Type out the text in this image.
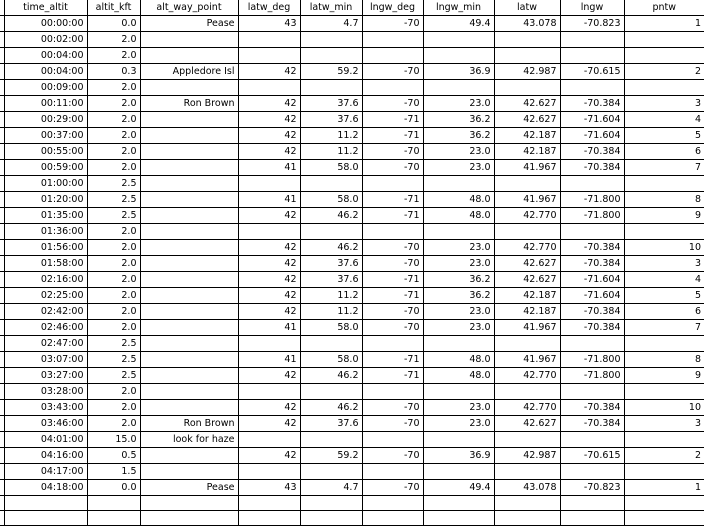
	time_altit	altit_kft	alt_way_point	latw_deg	latw_min	lngw_deg	lngw_min	latw	lngw	pntw
	00:00:00	0.0	Pease	43	4.7	-70	49.4	43.078	-70.823	1
	00:02:00	2.0								
	00:04:00	2.0								
	00:04:00	0.3	Appledore Isl	42	59.2	-70	36.9	42.987	-70.615	2
	00:09:00	2.0								
	00:11:00	2.0	Ron Brown	42	37.6	-70	23.0	42.627	-70.384	3
	00:29:00	2.0		42	37.6	-71	36.2	42.627	-71.604	4
	00:37:00	2.0		42	11.2	-71	36.2	42.187	-71.604	5
	00:55:00	2.0		42	11.2	-70	23.0	42.187	-70.384	6
	00:59:00	2.0		41	58.0	-70	23.0	41.967	-70.384	7
	01:00:00	2.5								
	01:20:00	2.5		41	58.0	-71	48.0	41.967	-71.800	8
	01:35:00	2.5		42	46.2	-71	48.0	42.770	-71.800	9
	01:36:00	2.0								
	01:56:00	2.0		42	46.2	-70	23.0	42.770	-70.384	10
	01:58:00	2.0		42	37.6	-70	23.0	42.627	-70.384	3
	02:16:00	2.0		42	37.6	-71	36.2	42.627	-71.604	4
	02:25:00	2.0		42	11.2	-71	36.2	42.187	-71.604	5
	02:42:00	2.0		42	11.2	-70	23.0	42.187	-70.384	6
	02:46:00	2.0		41	58.0	-70	23.0	41.967	-70.384	7
	02:47:00	2.5								
	03:07:00	2.5		41	58.0	-71	48.0	41.967	-71.800	8
	03:27:00	2.5		42	46.2	-71	48.0	42.770	-71.800	9
	03:28:00	2.0								
	03:43:00	2.0		42	46.2	-70	23.0	42.770	-70.384	10
	03:46:00	2.0	Ron Brown	42	37.6	-70	23.0	42.627	-70.384	3
	04:01:00	15.0	look for haze							
	04:16:00	0.5		42	59.2	-70	36.9	42.987	-70.615	2
	04:17:00	1.5								
	04:18:00	0.0	Pease	43	4.7	-70	49.4	43.078	-70.823	1
